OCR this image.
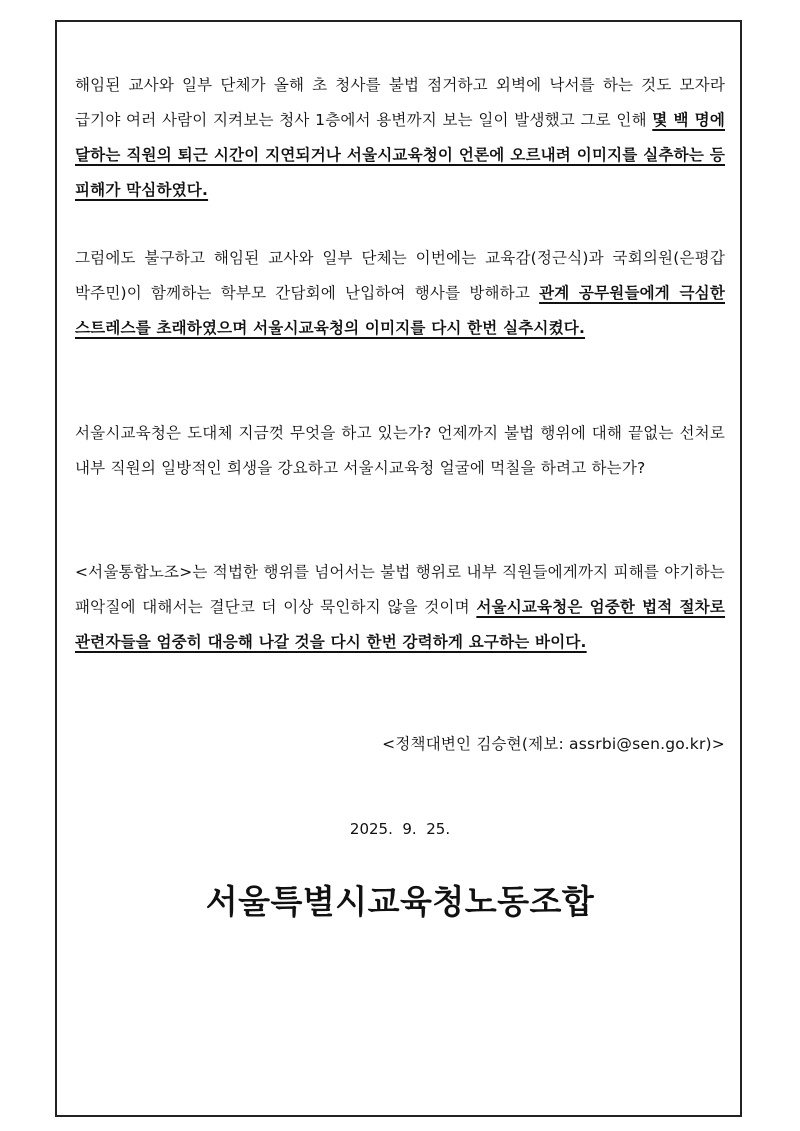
해임된 교사와 일부 단체가 올해 초 청사를 불법 점거하고 외벽에 낙서를 하는 것도 모자라 급기야 여러 사람이 지켜보는 청사 1층에서 용변까지 보는 일이 발생했고 그로 인해 몇 백 명에 달하는 직원의 퇴근 시간이 지연되거나 서울시교육청이 언론에 오르내려 이미지를 실추하는 등 피해가 막심하였다.

그럼에도 불구하고 해임된 교사와 일부 단체는 이번에는 교육감(정근식)과 국회의원(은평갑 박주민)이 함께하는 학부모 간담회에 난입하여 행사를 방해하고 관계 공무원들에게 극심한 스트레스를 초래하였으며 서울시교육청의 이미지를 다시 한번 실추시켰다.

서울시교육청은 도대체 지금껏 무엇을 하고 있는가? 언제까지 불법 행위에 대해 끝없는 선처로 내부 직원의 일방적인 희생을 강요하고 서울시교육청 얼굴에 먹칠을 하려고 하는가?

<서울통합노조>는 적법한 행위를 넘어서는 불법 행위로 내부 직원들에게까지 피해를 야기하는 패악질에 대해서는 결단코 더 이상 묵인하지 않을 것이며 서울시교육청은 엄중한 법적 절차로 관련자들을 엄중히 대응해 나갈 것을 다시 한번 강력하게 요구하는 바이다.

<정책대변인 김승현(제보: assrbi@sen.go.kr)>
2025.  9.  25.
서울특별시교육청노동조합
